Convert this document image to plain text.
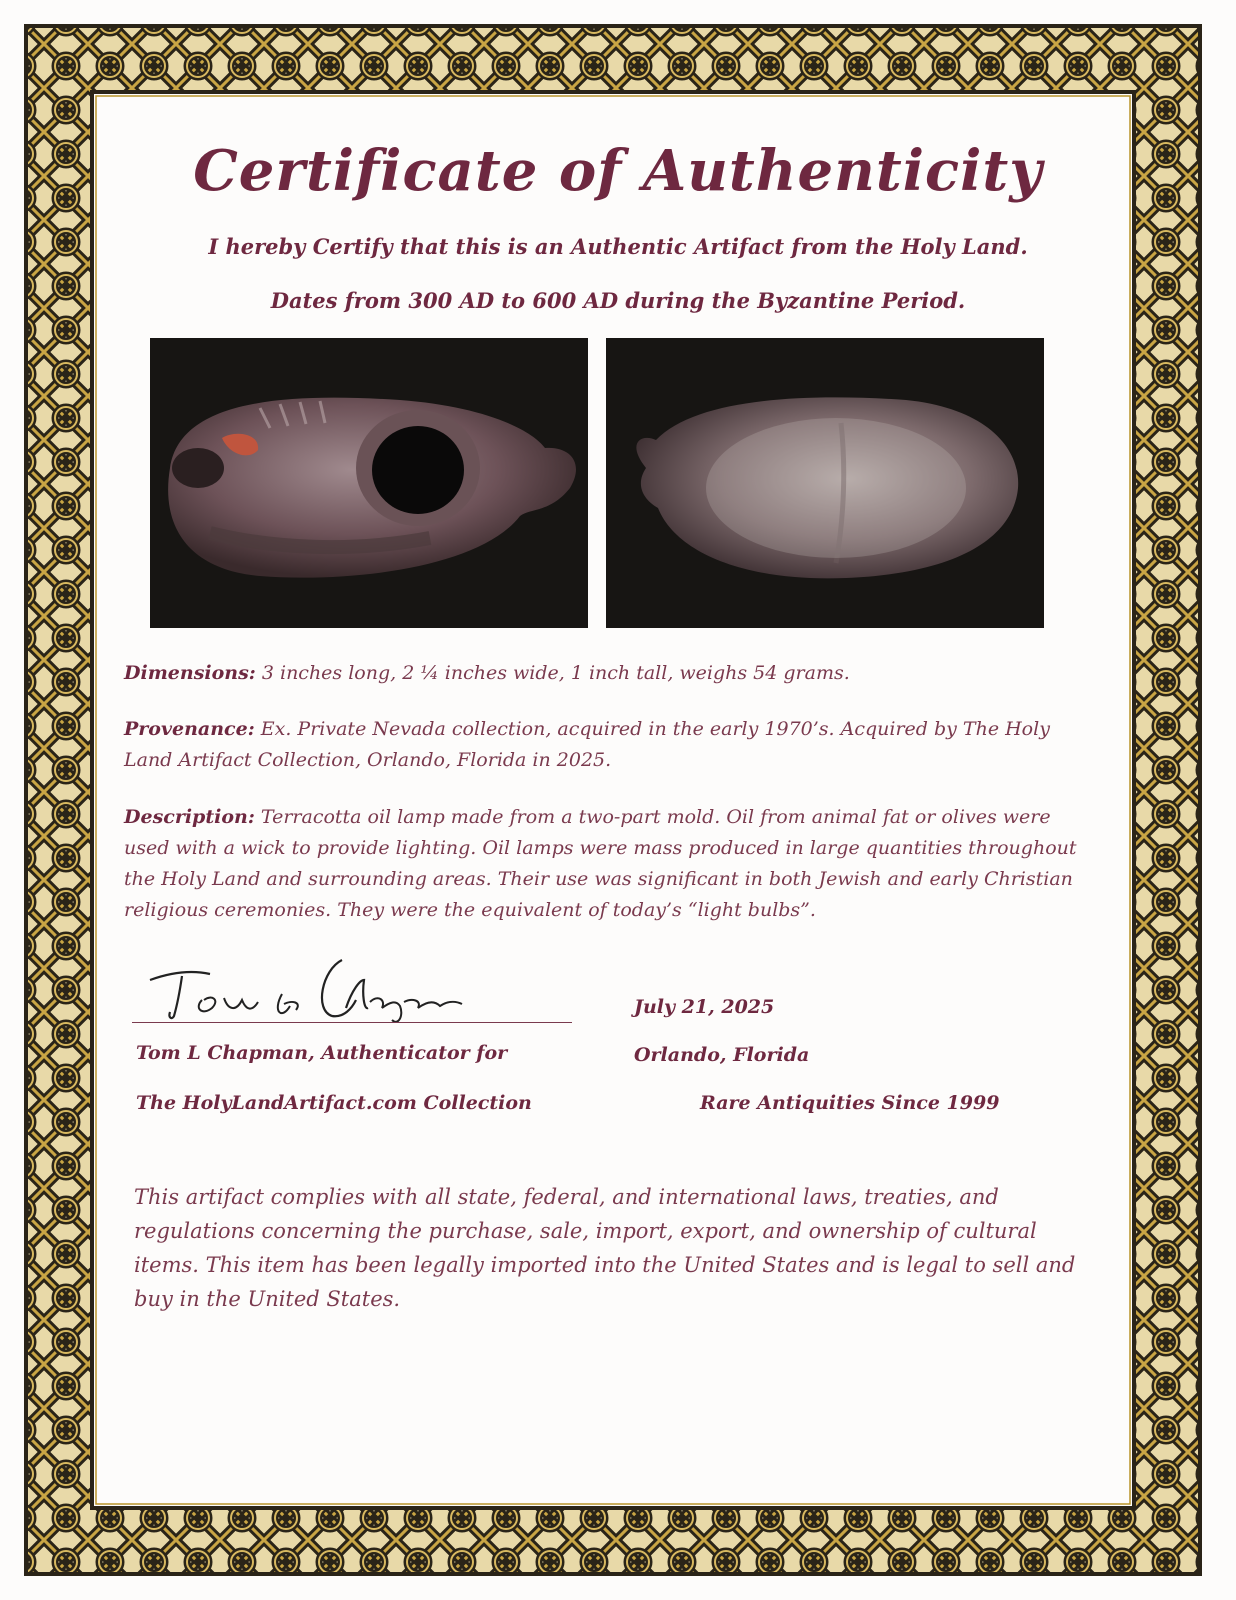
Certificate of Authenticity
I hereby Certify that this is an Authentic Artifact from the Holy Land.
Dates from 300 AD to 600 AD during the Byzantine Period.
Dimensions: 3 inches long, 2 ¼ inches wide, 1 inch tall, weighs 54 grams.
Provenance: Ex. Private Nevada collection, acquired in the early 1970’s. Acquired by The Holy Land Artifact Collection, Orlando, Florida in 2025.
Description: Terracotta oil lamp made from a two-part mold. Oil from animal fat or olives were used with a wick to provide lighting. Oil lamps were mass produced in large quantities throughout the Holy Land and surrounding areas. Their use was significant in both Jewish and early Christian religious ceremonies. They were the equivalent of today’s “light bulbs”.
Tom L Chapman, Authenticator for
The HolyLandArtifact.com Collection
July 21, 2025
Orlando, Florida
Rare Antiquities Since 1999
This artifact complies with all state, federal, and international laws, treaties, and regulations concerning the purchase, sale, import, export, and ownership of cultural items. This item has been legally imported into the United States and is legal to sell and buy in the United States.
